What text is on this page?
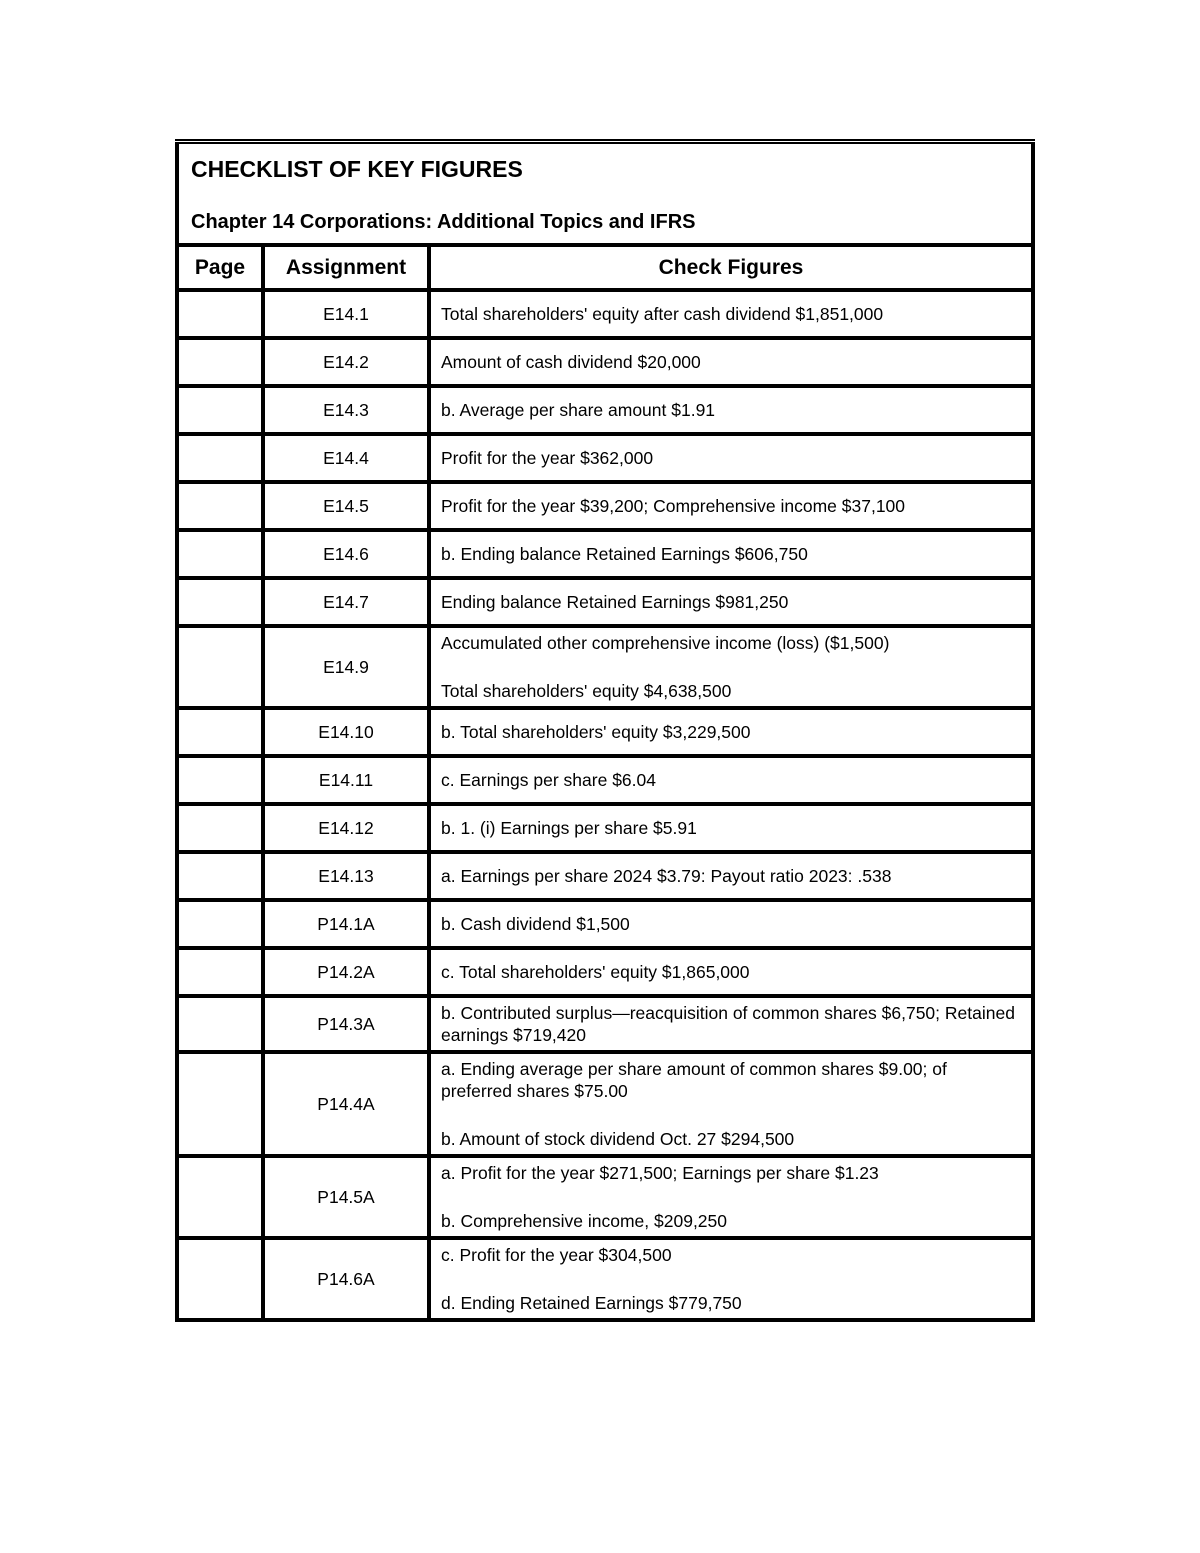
CHECKLIST OF KEY FIGURES
Chapter 14 Corporations: Additional Topics and IFRS		

Page	Assignment	Check Figures
	E14.1	Total shareholders' equity after cash dividend $1,851,000

	E14.2	Amount of cash dividend $20,000

	E14.3	b. Average per share amount $1.91

	E14.4	Profit for the year $362,000

	E14.5	Profit for the year $39,200; Comprehensive income $37,100

	E14.6	b. Ending balance Retained Earnings $606,750

	E14.7	Ending balance Retained Earnings $981,250

	E14.9	Accumulated other comprehensive income (loss) ($1,500)
Total shareholders' equity $4,638,500

	E14.10	b. Total shareholders' equity $3,229,500

	E14.11	c. Earnings per share $6.04

	E14.12	b. 1. (i) Earnings per share $5.91

	E14.13	a. Earnings per share 2024 $3.79: Payout ratio 2023: .538

	P14.1A	b. Cash dividend $1,500

	P14.2A	c. Total shareholders' equity $1,865,000

	P14.3A	b. Contributed surplus—reacquisition of common shares $6,750; Retained earnings $719,420

	P14.4A	a. Ending average per share amount of common shares $9.00; of preferred shares $75.00
b. Amount of stock dividend Oct. 27 $294,500

	P14.5A	a. Profit for the year $271,500; Earnings per share $1.23
b. Comprehensive income, $209,250

	P14.6A	c. Profit for the year $304,500
d. Ending Retained Earnings $779,750
